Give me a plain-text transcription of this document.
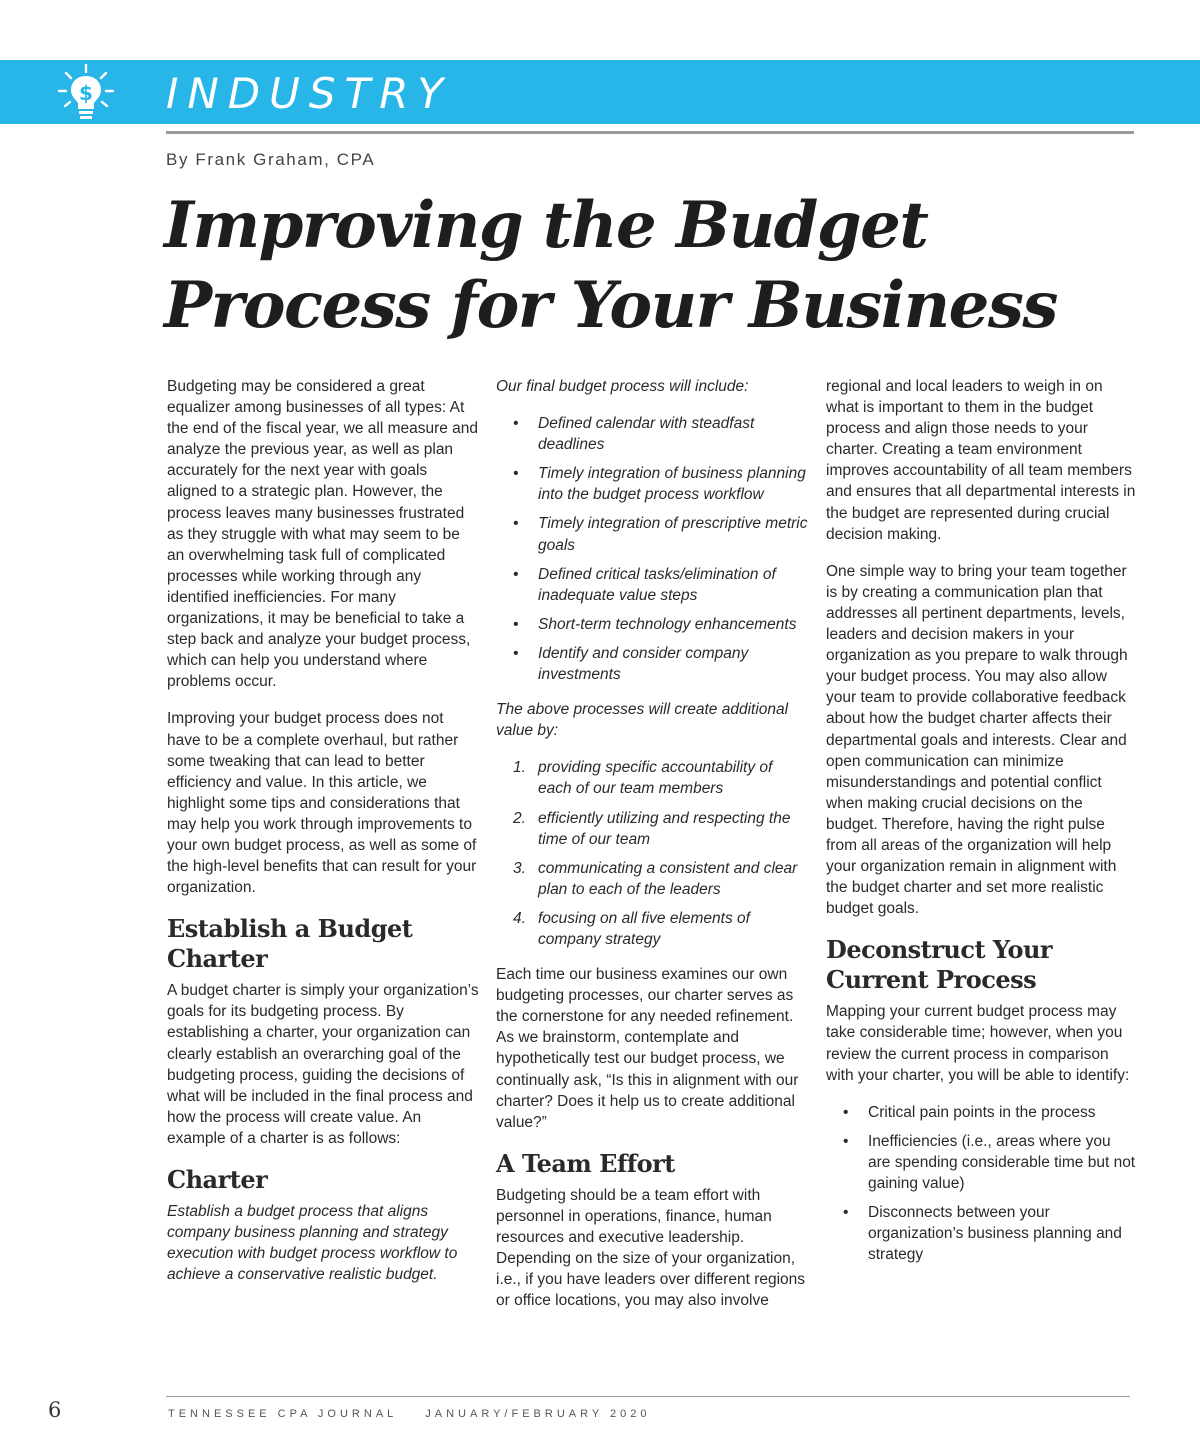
$ INDUSTRY
By Frank Graham, CPA
Improving the Budget
Process for Your Business

Budgeting may be considered a great equalizer among businesses of all types: At the end of the fiscal year, we all measure and analyze the previous year, as well as plan accurately for the next year with goals aligned to a strategic plan. However, the process leaves many businesses frustrated as they struggle with what may seem to be an overwhelming task full of complicated processes while working through any identified inefficiencies. For many organizations, it may be beneficial to take a step back and analyze your budget process, which can help you understand where problems occur.

Improving your budget process does not have to be a complete overhaul, but rather some tweaking that can lead to better efficiency and value. In this article, we highlight some tips and considerations that may help you work through improvements to your own budget process, as well as some of the high-level benefits that can result for your organization.

Establish a Budget Charter

A budget charter is simply your organization’s goals for its budgeting process. By establishing a charter, your organization can clearly establish an overarching goal of the budgeting process, guiding the decisions of what will be included in the final process and how the process will create value. An example of a charter is as follows:

Charter

Establish a budget process that aligns company business planning and strategy execution with budget process workflow to achieve a conservative realistic budget.

Our final budget process will include:

• Defined calendar with steadfast deadlines
• Timely integration of business planning into the budget process workflow
• Timely integration of prescriptive metric goals
• Defined critical tasks/elimination of inadequate value steps
• Short-term technology enhancements
• Identify and consider company investments

The above processes will create additional value by:

1. providing specific accountability of each of our team members
2. efficiently utilizing and respecting the time of our team
3. communicating a consistent and clear plan to each of the leaders
4. focusing on all five elements of company strategy

Each time our business examines our own budgeting processes, our charter serves as the cornerstone for any needed refinement. As we brainstorm, contemplate and hypothetically test our budget process, we continually ask, “Is this in alignment with our charter? Does it help us to create additional value?”

A Team Effort

Budgeting should be a team effort with personnel in operations, finance, human resources and executive leadership. Depending on the size of your organization, i.e., if you have leaders over different regions or office locations, you may also involve

regional and local leaders to weigh in on what is important to them in the budget process and align those needs to your charter. Creating a team environment improves accountability of all team members and ensures that all departmental interests in the budget are represented during crucial decision making.

One simple way to bring your team together is by creating a communication plan that addresses all pertinent departments, levels, leaders and decision makers in your organization as you prepare to walk through your budget process. You may also allow your team to provide collaborative feedback about how the budget charter affects their departmental goals and interests. Clear and open communication can minimize misunderstandings and potential conflict when making crucial decisions on the budget. Therefore, having the right pulse from all areas of the organization will help your organization remain in alignment with the budget charter and set more realistic budget goals.

Deconstruct Your Current Process

Mapping your current budget process may take considerable time; however, when you review the current process in comparison with your charter, you will be able to identify:

• Critical pain points in the process
• Inefficiencies (i.e., areas where you are spending considerable time but not gaining value)
• Disconnects between your organization’s business planning and strategy
6	TENNESSEE CPA JOURNAL	JANUARY/FEBRUARY 2020
